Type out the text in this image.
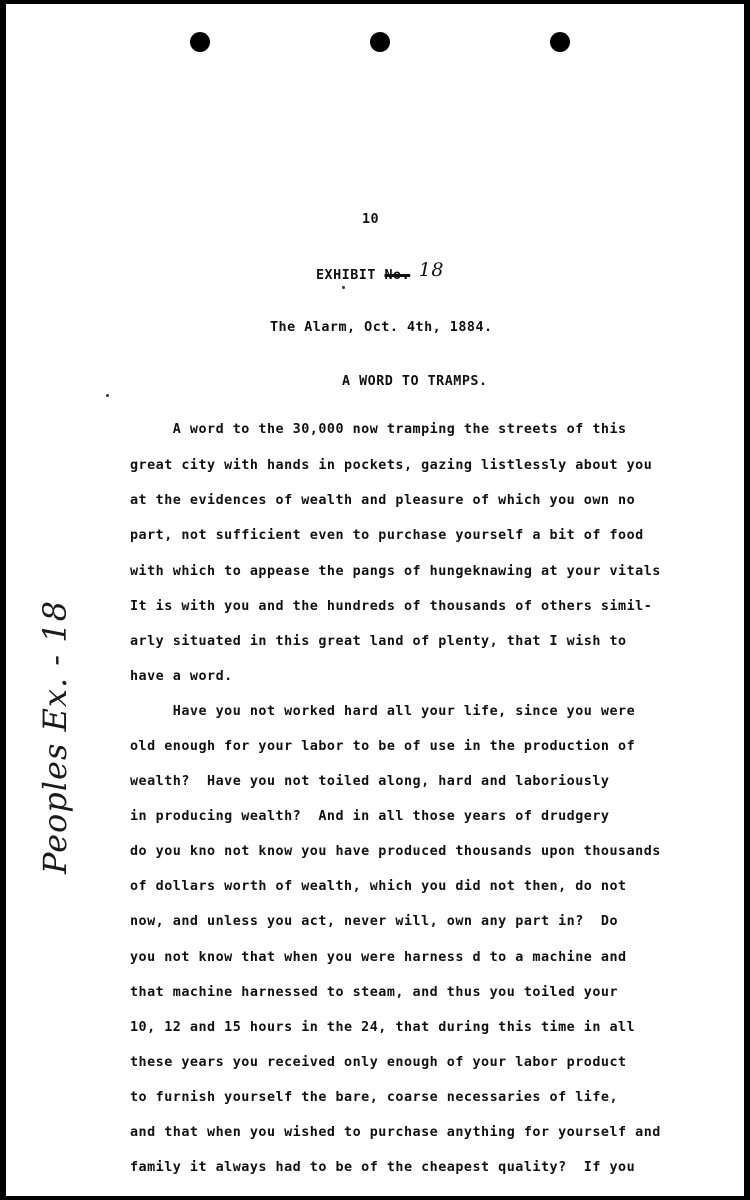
10

EXHIBIT No. 18

The Alarm, Oct. 4th, 1884.

A WORD TO TRAMPS.

A word to the 30,000 now tramping the streets of this

great city with hands in pockets, gazing listlessly about you

at the evidences of wealth and pleasure of which you own no

part, not sufficient even to purchase yourself a bit of food

with which to appease the pangs of hungeknawing at your vitals

It is with you and the hundreds of thousands of others simil-

arly situated in this great land of plenty, that I wish to

have a word.

Have you not worked hard all your life, since you were

old enough for your labor to be of use in the production of

wealth?  Have you not toiled along, hard and laboriously

in producing wealth?  And in all those years of drudgery

do you kno not know you have produced thousands upon thousands

of dollars worth of wealth, which you did not then, do not

now, and unless you act, never will, own any part in?  Do

you not know that when you were harness d to a machine and

that machine harnessed to steam, and thus you toiled your

10, 12 and 15 hours in the 24, that during this time in all

these years you received only enough of your labor product

to furnish yourself the bare, coarse necessaries of life,

and that when you wished to purchase anything for yourself and

family it always had to be of the cheapest quality?  If you

Peoples Ex. - 18
